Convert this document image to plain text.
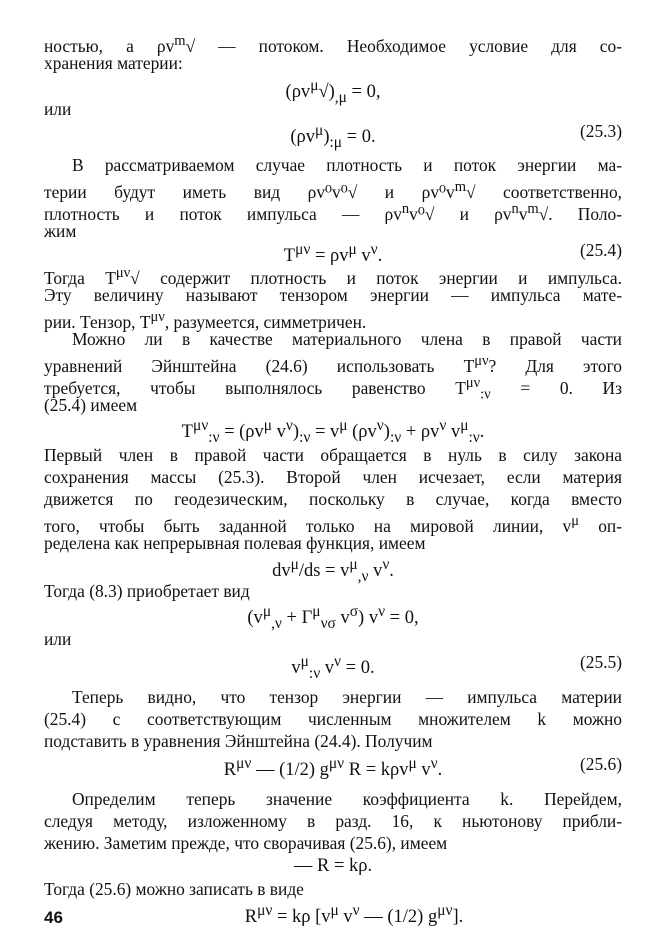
ностью, а $\rho v^m√$ — потоком. Необходимое условие для со-
хранения материи:
$(\rho v^\mu√)_{,\mu} = 0$,
или
$(\rho v^\mu)_{:\mu} = 0$.	(25.3)
В рассматриваемом случае плотность и поток энергии ма-
терии будут иметь вид ρv⁰v⁰√ и $\rho v^0v^m√$ соответственно,
плотность и поток импульса — $\rho v^nv^0√$ и $\rho v^nv^m√$. Поло-
жим
$T^{\mu\nu} = \rho v^\mu$ $v^\nu$.	(25.4)
Тогда $T^{\mu\nu}√$ содержит плотность и поток энергии и импульса.
Эту величину называют тензором энергии — импульса мате-
рии. Тензор, $T^{\mu\nu}$, разумеется, симметричен.
Можно ли в качестве материального члена в правой части
уравнений Эйнштейна (24.6) использовать $T^{\mu\nu}$? Для этого
требуется, чтобы выполнялось равенство $T^{\mu\nu}_{:\nu} = 0$. Из
(25.4) имеем
$T^{\mu\nu}_{:\nu} = (\rho v^\mu$ $v^\nu)_{:\nu} = v^\mu$ $(\rho v^\nu)_{:\nu} + \rho v^\nu$ $v^\mu_{:\nu}$.
Первый член в правой части обращается в нуль в силу закона
сохранения массы (25.3). Второй член исчезает, если материя
движется по геодезическим, поскольку в случае, когда вместо
того, чтобы быть заданной только на мировой линии, $v^\mu$ оп-
ределена как непрерывная полевая функция, имеем
$dv^\mu/ds = v^\mu_{,\nu}$ $v^\nu$.
Тогда (8.3) приобретает вид
($v^\mu_{,\nu} + \Gamma^\mu_{\nu\sigma}$ $v^\sigma$) $v^\nu = 0$,
или
$v^\mu_{:\nu}$ $v^\nu = 0$.	(25.5)
Теперь видно, что тензор энергии — импульса материи
(25.4) с соответствующим численным множителем k можно
подставить в уравнения Эйнштейна (24.4). Получим
$R^{\mu\nu}$ — (1/2) $g^{\mu\nu}$ R = kρv$^\mu$ $v^\nu$.	(25.6)
Определим теперь значение коэффициента k. Перейдем,
следуя методу, изложенному в разд. 16, к ньютонову прибли-
жению. Заметим прежде, что сворачивая (25.6), имеем
— R = kρ.
Тогда (25.6) можно записать в виде
$R^{\mu\nu} = k\rho$ [$v^\mu$ $v^\nu$ — (1/2) $g^{\mu\nu}$].
46
